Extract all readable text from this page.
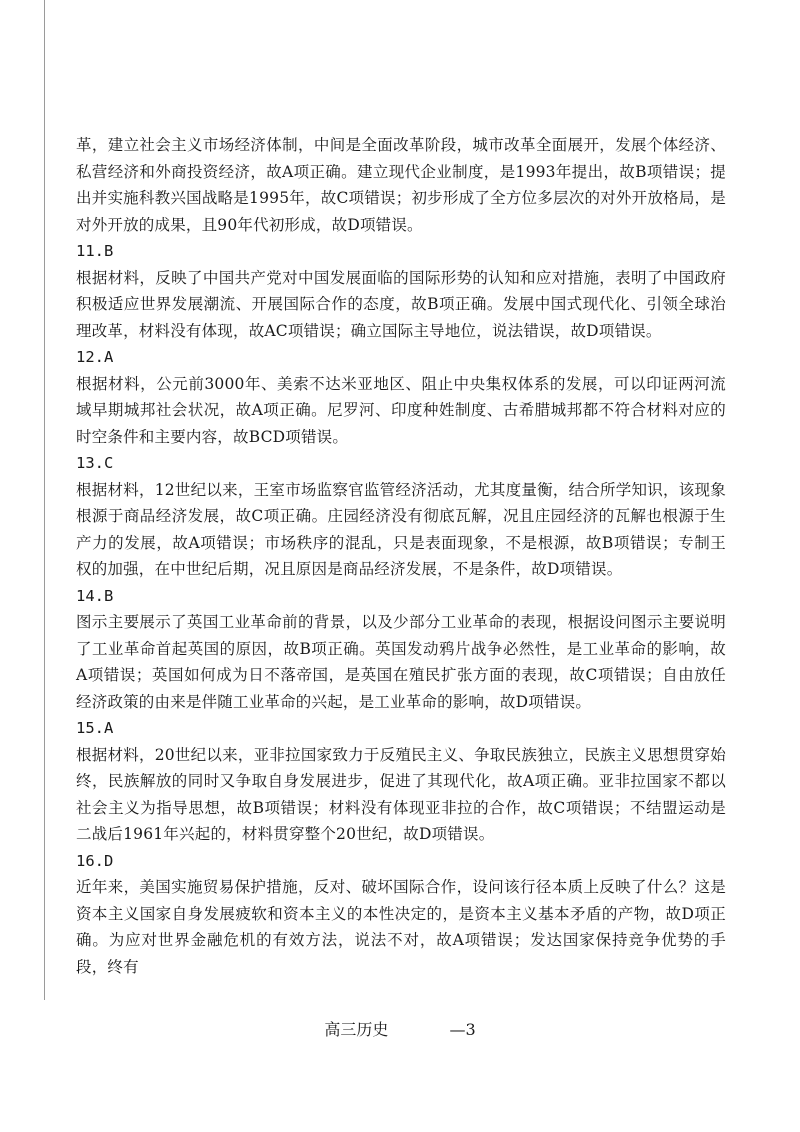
革，建立社会主义市场经济体制，中间是全面改革阶段，城市改革全面展开，发展个体经济、私营经济和外商投资经济，故A项正确。建立现代企业制度，是1993年提出，故B项错误；提出并实施科教兴国战略是1995年，故C项错误；初步形成了全方位多层次的对外开放格局，是对外开放的成果，且90年代初形成，故D项错误。

11.B

根据材料，反映了中国共产党对中国发展面临的国际形势的认知和应对措施，表明了中国政府积极适应世界发展潮流、开展国际合作的态度，故B项正确。发展中国式现代化、引领全球治理改革，材料没有体现，故AC项错误；确立国际主导地位，说法错误，故D项错误。

12.A

根据材料，公元前3000年、美索不达米亚地区、阻止中央集权体系的发展，可以印证两河流域早期城邦社会状况，故A项正确。尼罗河、印度种姓制度、古希腊城邦都不符合材料对应的时空条件和主要内容，故BCD项错误。

13.C

根据材料，12世纪以来，王室市场监察官监管经济活动，尤其度量衡，结合所学知识，该现象根源于商品经济发展，故C项正确。庄园经济没有彻底瓦解，况且庄园经济的瓦解也根源于生产力的发展，故A项错误；市场秩序的混乱，只是表面现象，不是根源，故B项错误；专制王权的加强，在中世纪后期，况且原因是商品经济发展，不是条件，故D项错误。

14.B

图示主要展示了英国工业革命前的背景，以及少部分工业革命的表现，根据设问图示主要说明了工业革命首起英国的原因，故B项正确。英国发动鸦片战争必然性，是工业革命的影响，故A项错误；英国如何成为日不落帝国，是英国在殖民扩张方面的表现，故C项错误；自由放任经济政策的由来是伴随工业革命的兴起，是工业革命的影响，故D项错误。

15.A

根据材料，20世纪以来，亚非拉国家致力于反殖民主义、争取民族独立，民族主义思想贯穿始终，民族解放的同时又争取自身发展进步，促进了其现代化，故A项正确。亚非拉国家不都以社会主义为指导思想，故B项错误；材料没有体现亚非拉的合作，故C项错误；不结盟运动是二战后1961年兴起的，材料贯穿整个20世纪，故D项错误。

16.D

近年来，美国实施贸易保护措施，反对、破坏国际合作，设问该行径本质上反映了什么？这是资本主义国家自身发展疲软和资本主义的本性决定的，是资本主义基本矛盾的产物，故D项正确。为应对世界金融危机的有效方法，说法不对，故A项错误；发达国家保持竞争优势的手段，终有

高三历史	—3
